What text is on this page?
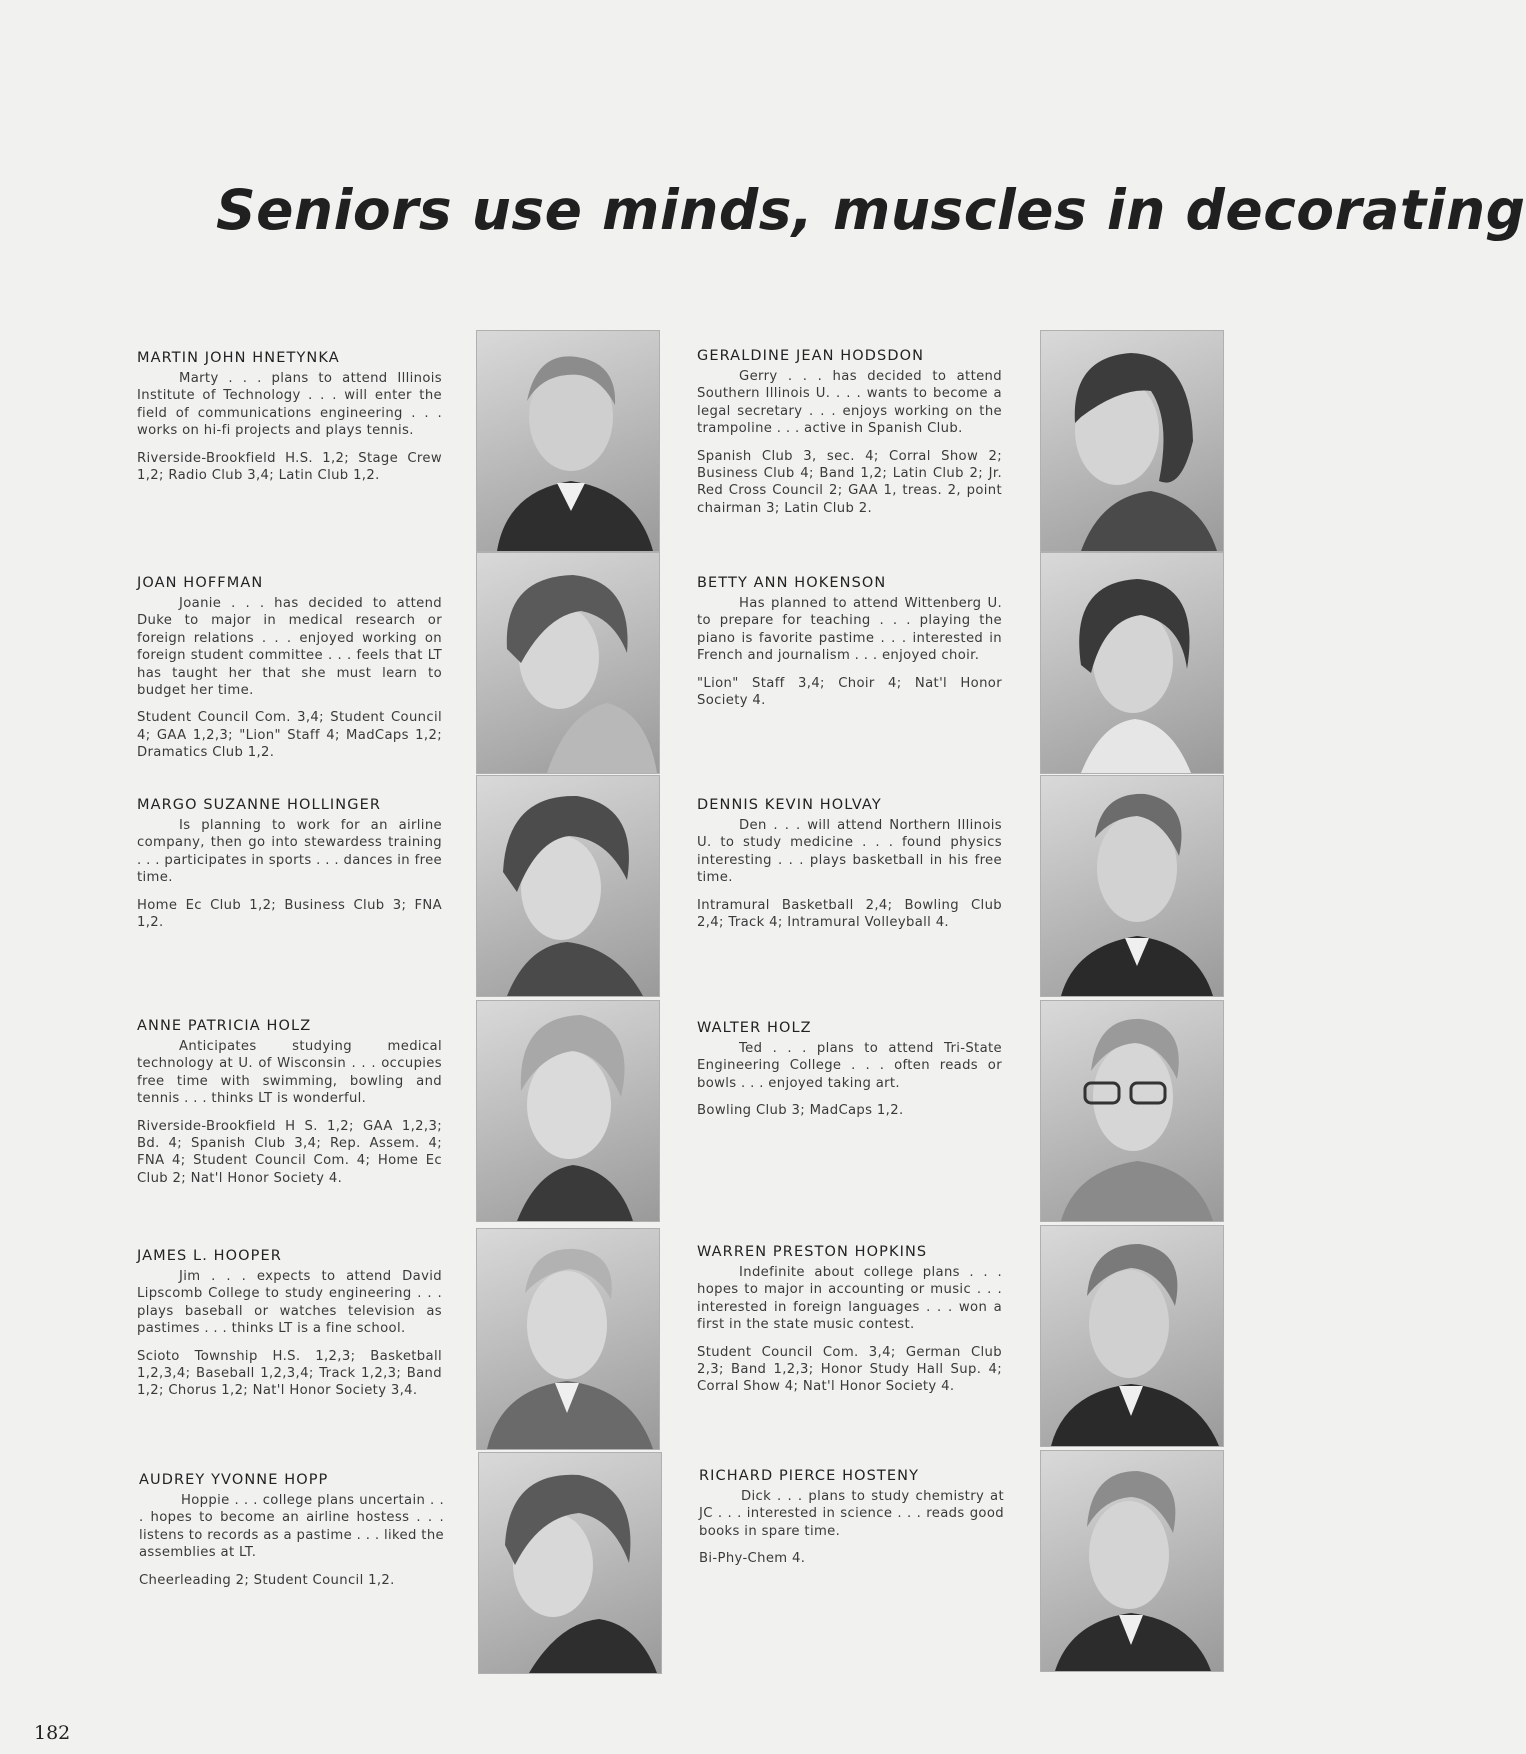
Seniors use minds, muscles in decorating
MARTIN JOHN HNETYNKA
Marty . . . plans to attend Illinois Institute of Technology . . . will enter the field of communications engineering . . . works on hi-fi projects and plays tennis.
Riverside-Brookfield H.S. 1,2; Stage Crew 1,2; Radio Club 3,4; Latin Club 1,2.
GERALDINE JEAN HODSDON
Gerry . . . has decided to attend Southern Illinois U. . . . wants to become a legal secretary . . . enjoys working on the trampoline . . . active in Spanish Club.
Spanish Club 3, sec. 4; Corral Show 2; Business Club 4; Band 1,2; Latin Club 2; Jr. Red Cross Council 2; GAA 1, treas. 2, point chairman 3; Latin Club 2.
JOAN HOFFMAN
Joanie . . . has decided to attend Duke to major in medical research or foreign relations . . . enjoyed working on foreign student committee . . . feels that LT has taught her that she must learn to budget her time.
Student Council Com. 3,4; Student Council 4; GAA 1,2,3; "Lion" Staff 4; MadCaps 1,2; Dramatics Club 1,2.
BETTY ANN HOKENSON
Has planned to attend Wittenberg U. to prepare for teaching . . . playing the piano is favorite pastime . . . interested in French and journalism . . . enjoyed choir.
"Lion" Staff 3,4; Choir 4; Nat'l Honor Society 4.
MARGO SUZANNE HOLLINGER
Is planning to work for an airline company, then go into stewardess training . . . participates in sports . . . dances in free time.
Home Ec Club 1,2; Business Club 3; FNA 1,2.
DENNIS KEVIN HOLVAY
Den . . . will attend Northern Illinois U. to study medicine . . . found physics interesting . . . plays basketball in his free time.
Intramural Basketball 2,4; Bowling Club 2,4; Track 4; Intramural Volleyball 4.
ANNE PATRICIA HOLZ
Anticipates studying medical technology at U. of Wisconsin . . . occupies free time with swimming, bowling and tennis . . . thinks LT is wonderful.
Riverside-Brookfield H S. 1,2; GAA 1,2,3; Bd. 4; Spanish Club 3,4; Rep. Assem. 4; FNA 4; Student Council Com. 4; Home Ec Club 2; Nat'l Honor Society 4.
WALTER HOLZ
Ted . . . plans to attend Tri-State Engineering College . . . often reads or bowls . . . enjoyed taking art.
Bowling Club 3; MadCaps 1,2.
JAMES L. HOOPER
Jim . . . expects to attend David Lipscomb College to study engineering . . . plays baseball or watches television as pastimes . . . thinks LT is a fine school.
Scioto Township H.S. 1,2,3; Basketball 1,2,3,4; Baseball 1,2,3,4; Track 1,2,3; Band 1,2; Chorus 1,2; Nat'l Honor Society 3,4.
WARREN PRESTON HOPKINS
Indefinite about college plans . . . hopes to major in accounting or music . . . interested in foreign languages . . . won a first in the state music contest.
Student Council Com. 3,4; German Club 2,3; Band 1,2,3; Honor Study Hall Sup. 4; Corral Show 4; Nat'l Honor Society 4.
AUDREY YVONNE HOPP
Hoppie . . . college plans uncertain . . . hopes to become an airline hostess . . . listens to records as a pastime . . . liked the assemblies at LT.
Cheerleading 2; Student Council 1,2.
RICHARD PIERCE HOSTENY
Dick . . . plans to study chemistry at JC . . . interested in science . . . reads good books in spare time.
Bi-Phy-Chem 4.
182
